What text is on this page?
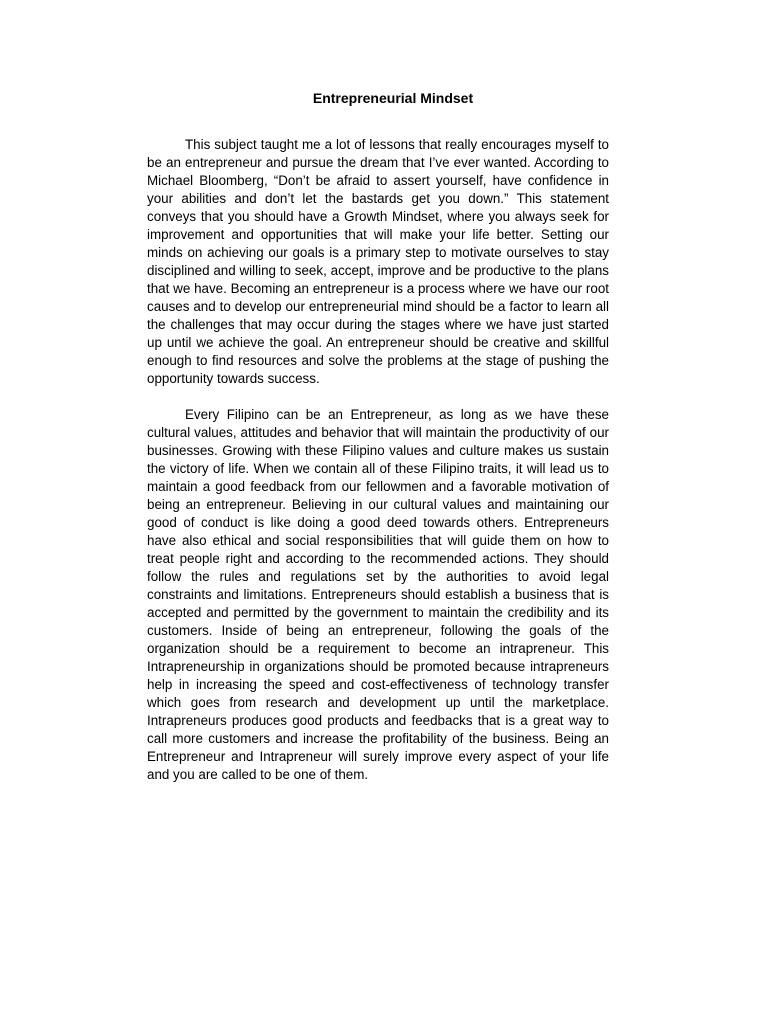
Entrepreneurial Mindset

This subject taught me a lot of lessons that really encourages myself to be an entrepreneur and pursue the dream that I’ve ever wanted. According to Michael Bloomberg, “Don’t be afraid to assert yourself, have confidence in your abilities and don’t let the bastards get you down.” This statement conveys that you should have a Growth Mindset, where you always seek for improvement and opportunities that will make your life better. Setting our minds on achieving our goals is a primary step to motivate ourselves to stay disciplined and willing to seek, accept, improve and be productive to the plans that we have. Becoming an entrepreneur is a process where we have our root causes and to develop our entrepreneurial mind should be a factor to learn all the challenges that may occur during the stages where we have just started up until we achieve the goal. An entrepreneur should be creative and skillful enough to find resources and solve the problems at the stage of pushing the opportunity towards success.

Every Filipino can be an Entrepreneur, as long as we have these cultural values, attitudes and behavior that will maintain the productivity of our businesses. Growing with these Filipino values and culture makes us sustain the victory of life. When we contain all of these Filipino traits, it will lead us to maintain a good feedback from our fellowmen and a favorable motivation of being an entrepreneur. Believing in our cultural values and maintaining our good of conduct is like doing a good deed towards others. Entrepreneurs have also ethical and social responsibilities that will guide them on how to treat people right and according to the recommended actions. They should follow the rules and regulations set by the authorities to avoid legal constraints and limitations. Entrepreneurs should establish a business that is accepted and permitted by the government to maintain the credibility and its customers. Inside of being an entrepreneur, following the goals of the organization should be a requirement to become an intrapreneur. This Intrapreneurship in organizations should be promoted because intrapreneurs help in increasing the speed and cost-effectiveness of technology transfer which goes from research and development up until the marketplace. Intrapreneurs produces good products and feedbacks that is a great way to call more customers and increase the profitability of the business. Being an Entrepreneur and Intrapreneur will surely improve every aspect of your life and you are called to be one of them.
